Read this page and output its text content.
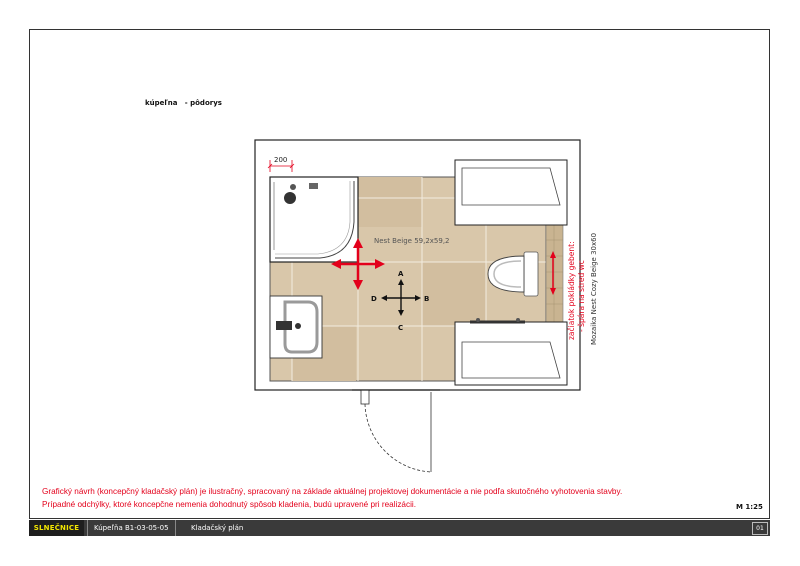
kúpeľna   - pôdorys
200
A
B
C
D
Nest Beige 59,2x59,2
začiatok pokládky gebent: - špára na stred wc Mozaika Nest Cozy Beige 30x60
Grafický návrh (koncepčný kladačský plán) je ilustračný, spracovaný na základe aktuálnej projektovej dokumentácie a nie podľa skutočného vyhotovenia stavby.
Prípadné odchýlky, ktoré koncepčne nemenia dohodnutý spôsob kladenia, budú upravené pri realizácii.	M 1:25
SLNEČNICE	Kúpeľňa B1-03-05-05	Kladačský plán	01
